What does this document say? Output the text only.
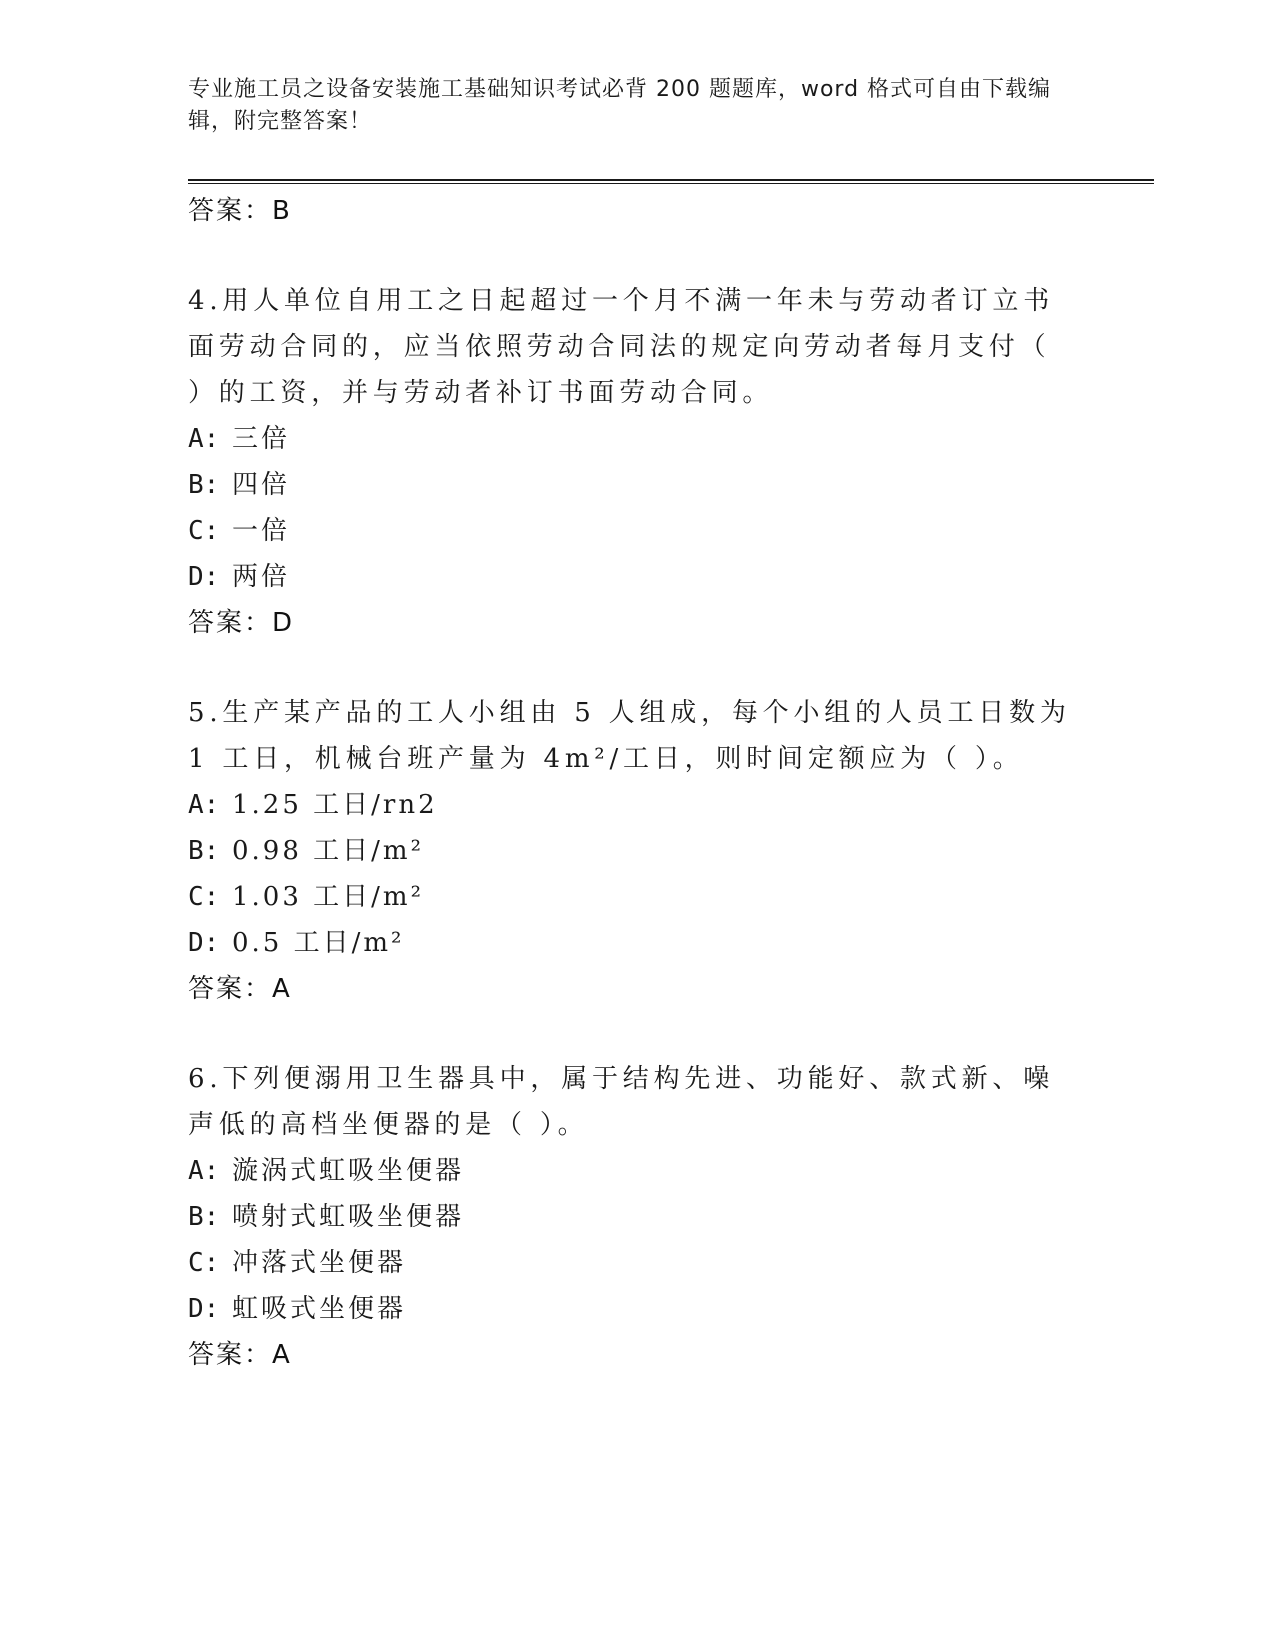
专业施工员之设备安装施工基础知识考试必背 200 题题库，word 格式可自由下载编辑，附完整答案！
答案：B

4.用人单位自用工之日起超过一个月不满一年未与劳动者订立书面劳动合同的，应当依照劳动合同法的规定向劳动者每月支付（ ）的工资，并与劳动者补订书面劳动合同。

A: 三倍
B: 四倍
C: 一倍
D: 两倍
答案：D

5.生产某产品的工人小组由 5 人组成，每个小组的人员工日数为 1 工日，机械台班产量为 4m²/工日，则时间定额应为（ ）。

A: 1.25 工日/rn2
B: 0.98 工日/m²
C: 1.03 工日/m²
D: 0.5 工日/m²
答案：A

6.下列便溺用卫生器具中，属于结构先进、功能好、款式新、噪声低的高档坐便器的是（ ）。

A: 漩涡式虹吸坐便器
B: 喷射式虹吸坐便器
C: 冲落式坐便器
D: 虹吸式坐便器
答案：A
